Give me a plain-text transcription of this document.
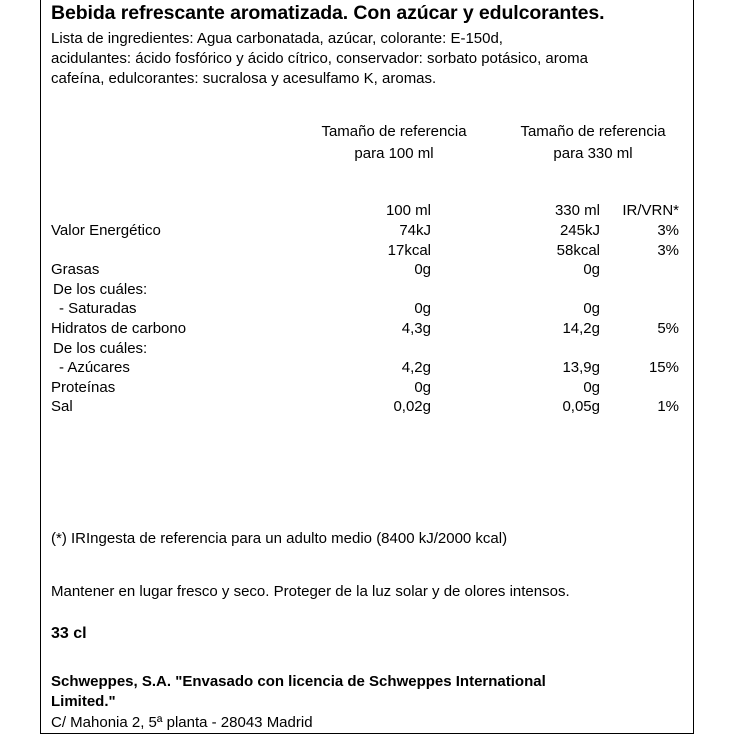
Bebida refrescante aromatizada. Con azúcar y edulcorantes.
Lista de ingredientes: Agua carbonatada, azúcar, colorante: E-150d,
acidulantes: ácido fosfórico y ácido cítrico, conservador: sorbato potásico, aroma
cafeína, edulcorantes: sucralosa y acesulfamo K, aromas.
Tamaño de referencia
para 100 ml
Tamaño de referencia
para 330 ml
100 ml	330 ml IR/VRN*
Valor Energético	74kJ	245kJ	3%
17kcal	58kcal	3%
Grasas	0g	0g
De los cuáles:
- Saturadas	0g	0g
Hidratos de carbono	4,3g	14,2g	5%
De los cuáles:
- Azúcares	4,2g	13,9g	15%
Proteínas	0g	0g
Sal	0,02g	0,05g	1%
(*) IRIngesta de referencia para un adulto medio (8400 kJ/2000 kcal)
Mantener en lugar fresco y seco. Proteger de la luz solar y de olores intensos.
33 cl
Schweppes, S.A. "Envasado con licencia de Schweppes International
Limited."
C/ Mahonia 2, 5ª planta - 28043 Madrid
